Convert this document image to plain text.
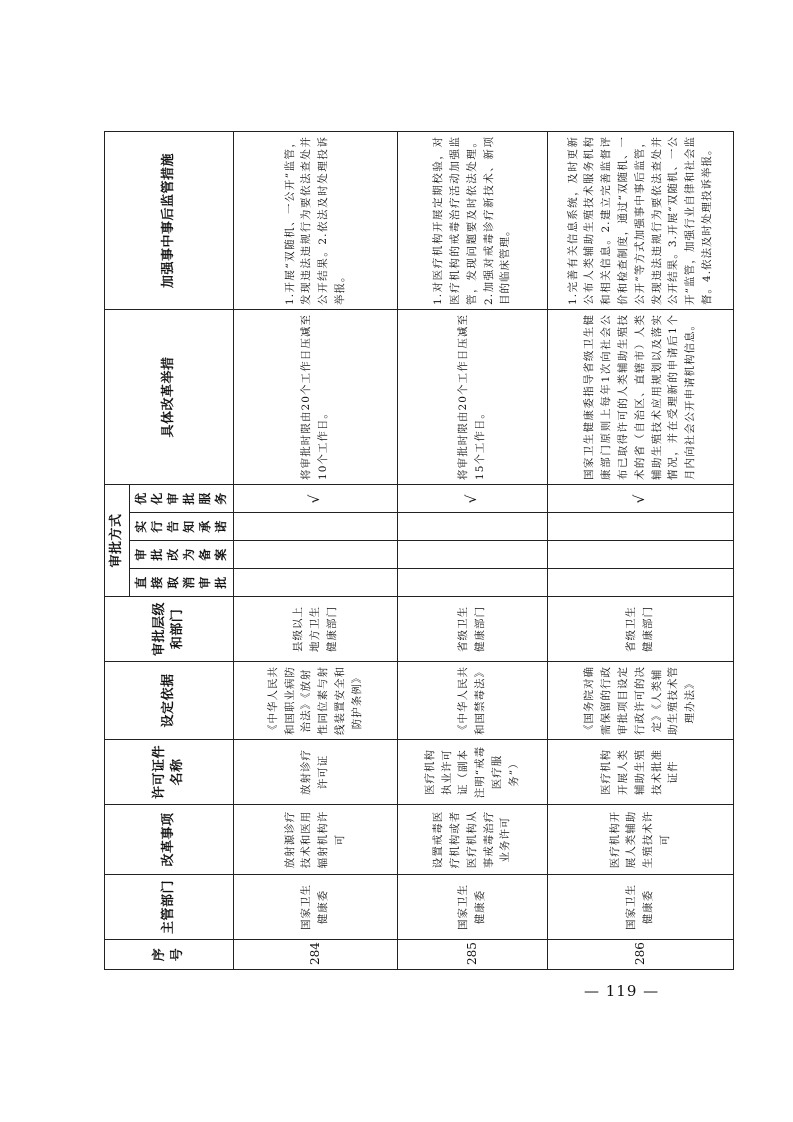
序号	主管部门	改革事项	许可证件名称	设定依据	审批层级和部门	审批方式				具体改革举措	加强事中事后监管措施
						直接取消审批	审批改为备案	实行告知承诺	优化审批服务		
284	国家卫生健康委	放射源诊疗技术和医用辐射机构许可	放射诊疗许可证	《中华人民共和国职业病防治法》《放射性同位素与射线装置安全和防护条例》	县级以上地方卫生健康部门				√	将审批时限由20个工作日压减至10个工作日。	1.开展“双随机、一公开”监管，发现违法违规行为要依法查处并公开结果。2.依法及时处理投诉举报。
285	国家卫生健康委	设置戒毒医疗机构或者医疗机构从事戒毒治疗业务许可	医疗机构执业许可证（副本注明“戒毒医疗服务”）	《中华人民共和国禁毒法》	省级卫生健康部门				√	将审批时限由20个工作日压减至15个工作日。	1.对医疗机构开展定期校验，对医疗机构的戒毒治疗活动加强监管，发现问题要及时依法处理。2.加强对戒毒诊疗新技术、新项目的临床管理。
286	国家卫生健康委	医疗机构开展人类辅助生殖技术许可	医疗机构开展人类辅助生殖技术批准证件	《国务院对确需保留的行政审批项目设定行政许可的决定》《人类辅助生殖技术管理办法》	省级卫生健康部门				√	国家卫生健康委指导省级卫生健康部门原则上每年1次向社会公布已取得许可的人类辅助生殖技术的省（自治区、直辖市）人类辅助生殖技术应用规划以及落实情况，并在受理新的申请后1个月内向社会公开申请机构信息。	1.完善有关信息系统，及时更新公布人类辅助生殖技术服务机构和相关信息。2.建立完善监督评价和检查制度，通过“双随机、一公开”等方式加强事中事后监管，发现违法违规行为要依法查处并公开结果。3.开展“双随机、一公开”监管，加强行业自律和社会监督。4.依法及时处理投诉举报。
— 119 —
